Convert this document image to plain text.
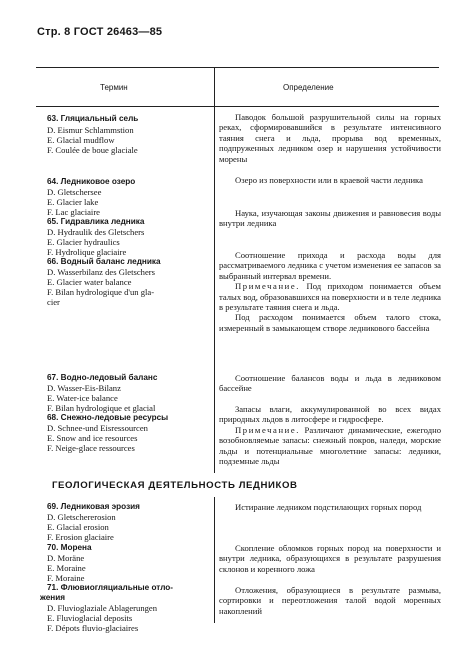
Стр. 8 ГОСТ 26463—85
Термин	Определение
63. Гляциальный сель
D. Eismur Schlammstion
E. Glacial mudflow
F. Coulée de boue glaciale
64. Ледниковое озеро
D. Gletschersee
E. Glacier lake
F. Lac glaciaire
65. Гидравлика ледника
D. Hydraulik des Gletschers
E. Glacier hydraulics
F. Hydrolique glaciaire
66. Водный баланс ледника
D. Wasserbilanz des Gletschers
E. Glacier water balance
F. Bilan hydrologique d'un gla-
cier
67. Водно-ледовый баланс
D. Wasser-Eis-Bilanz
E. Water-ice balance
F. Bilan hydrologique et glacial
68. Снежно-ледовые ресурсы
D. Schnee-und Eisressourcen
E. Snow and ice resources
F. Neige-glace ressources
ГЕОЛОГИЧЕСКАЯ ДЕЯТЕЛЬНОСТЬ ЛЕДНИКОВ
69. Ледниковая эрозия
D. Gletschererosion
E. Glacial erosion
F. Erosion glaciaire
70. Морена
D. Moräne
E. Moraine
F. Moraine
71. Флювиогляциальные отло-
жения
D. Fluvioglaziale Ablagerungen
E. Fluvioglacial deposits
F. Dépots fluvio-glaciaires

Паводок большой разрушительной силы на горных реках, сформировавшийся в результате интенсивного таяния снега и льда, прорыва вод временных, подпруженных ледником озер и нарушения устойчивости морены

Озеро из поверхности или в краевой части ледника

Наука, изучающая законы движения и равновесия воды внутри ледника

Соотношение прихода и расхода воды для рассматриваемого ледника с учетом изменения ее запасов за выбранный интервал времени.

Примечание. Под приходом понимается объем талых вод, образовавшихся на поверхности и в теле ледника в результате таяния снега и льда.

Под расходом понимается объем талого стока, измеренный в замыкающем створе ледникового бассейна

Соотношение балансов воды и льда в ледниковом бассейне

Запасы влаги, аккумулированной во всех видах природных льдов в литосфере и гидросфере.

Примечание. Различают динамические, ежегодно возобновляемые запасы: снежный покров, наледи, морские льды и потенциальные многолетние запасы: ледники, подземные льды

Истирание ледником подстилающих горных пород

Скопление обломков горных пород на поверхности и внутри ледника, образующихся в результате разрушения склонов и коренного ложа

Отложения, образующиеся в результате размыва, сортировки и переотложения талой водой моренных накоплений
